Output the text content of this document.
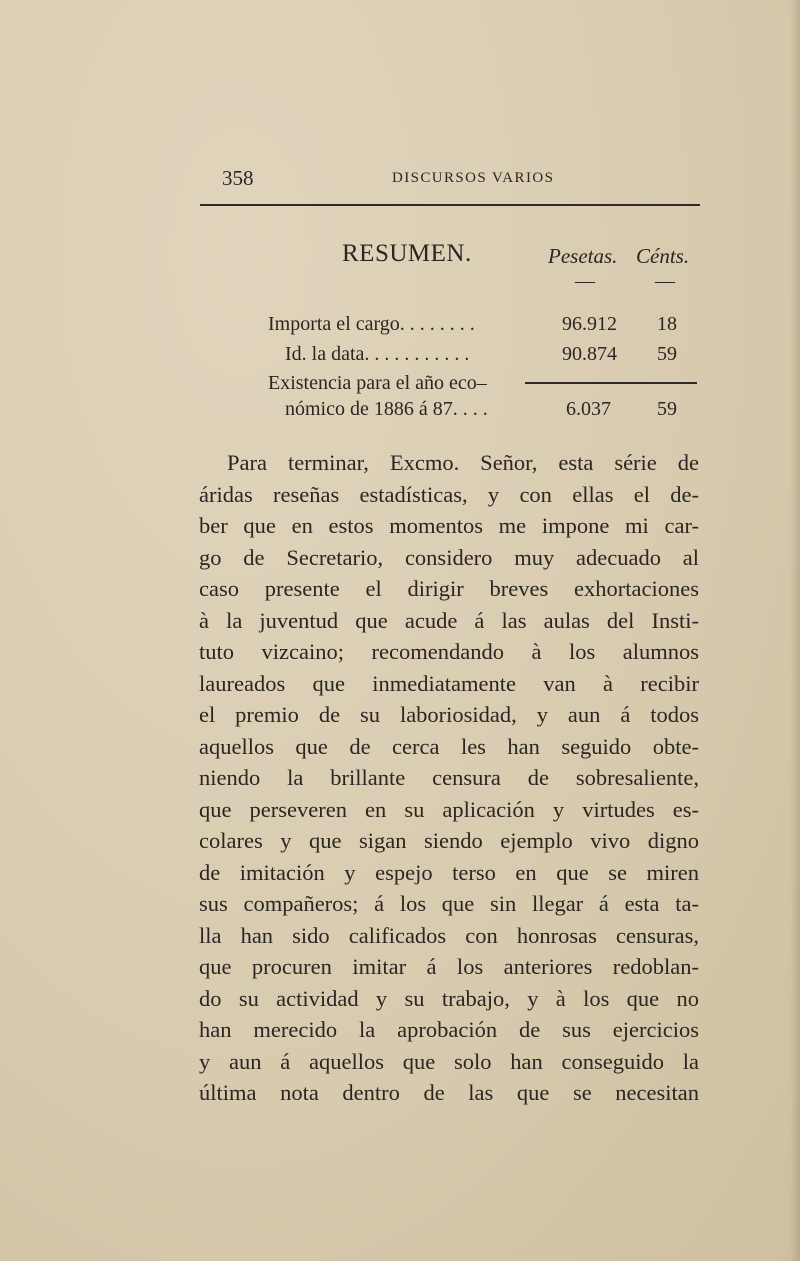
358	DISCURSOS VARIOS
RESUMEN.	Pesetas. Cénts.
—	—
Importa el cargo. . . . . . . .	96.912 18
Id. la data. . . . . . . . . . .	90.874 59
Existencia para el año eco–
nómico de 1886 á 87. . . .	6.037 59
Para terminar, Excmo. Señor, esta série de
áridas reseñas estadísticas, y con ellas el de-
ber que en estos momentos me impone mi car-
go de Secretario, considero muy adecuado al
caso presente el dirigir breves exhortaciones
à la juventud que acude á las aulas del Insti-
tuto vizcaino; recomendando à los alumnos
laureados que inmediatamente van à recibir
el premio de su laboriosidad, y aun á todos
aquellos que de cerca les han seguido obte-
niendo la brillante censura de sobresaliente,
que perseveren en su aplicación y virtudes es-
colares y que sigan siendo ejemplo vivo digno
de imitación y espejo terso en que se miren
sus compañeros; á los que sin llegar á esta ta-
lla han sido calificados con honrosas censuras,
que procuren imitar á los anteriores redoblan-
do su actividad y su trabajo, y à los que no
han merecido la aprobación de sus ejercicios
y aun á aquellos que solo han conseguido la
última nota dentro de las que se necesitan
